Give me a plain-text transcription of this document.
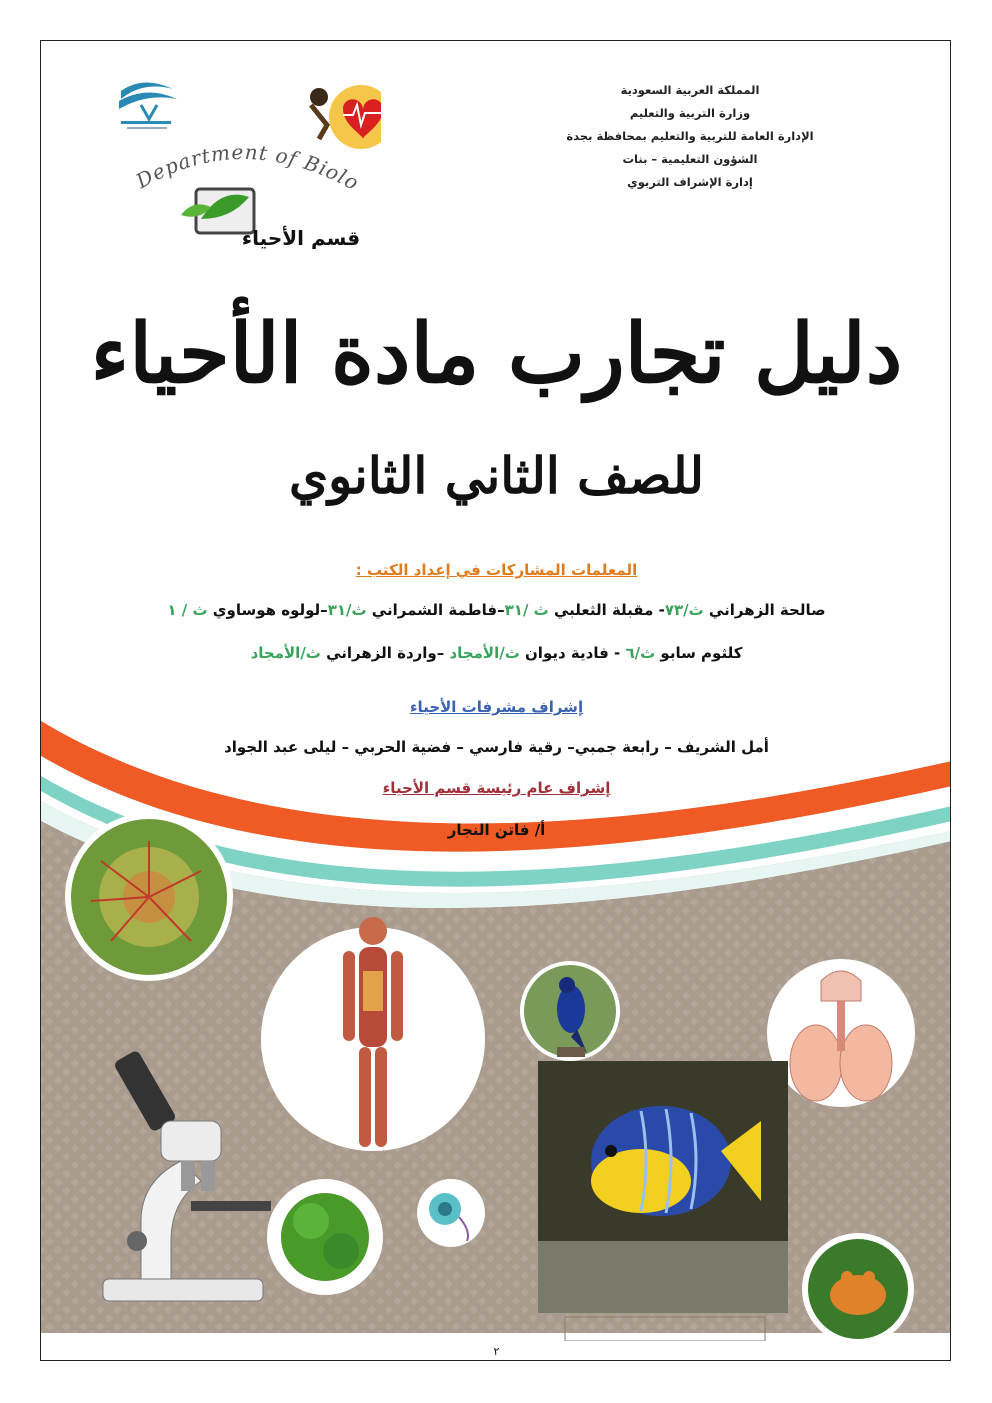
Department of Biolo
قسم الأحياء
المملكة العربية السعودية
وزارة التربية والتعليم
الإدارة العامة للتربية والتعليم بمحافظة بجدة
الشؤون التعليمية – بنات
إدارة الإشراف التربوي
دليل تجارب مادة الأحياء
للصف الثاني الثانوي
المعلمات المشاركات في إعداد الكتب :
صالحة الزهراني ث/٧٣- مقبلة الثعلبي ث /٣١–فاطمة الشمراني ث/٣١–لولوه هوساوي ث / ١
كلثوم سابو ث/٦ - فادية ديوان ث/الأمجاد –واردة الزهراني ث/الأمجاد
إشراف مشرفات الأحياء
أمل الشريف – رابعة جمبي– رقية فارسي – فضية الحربي – ليلى عبد الجواد
إشراف عام رئيسة قسم الأحياء
أ/ فاتن النجار
٢
